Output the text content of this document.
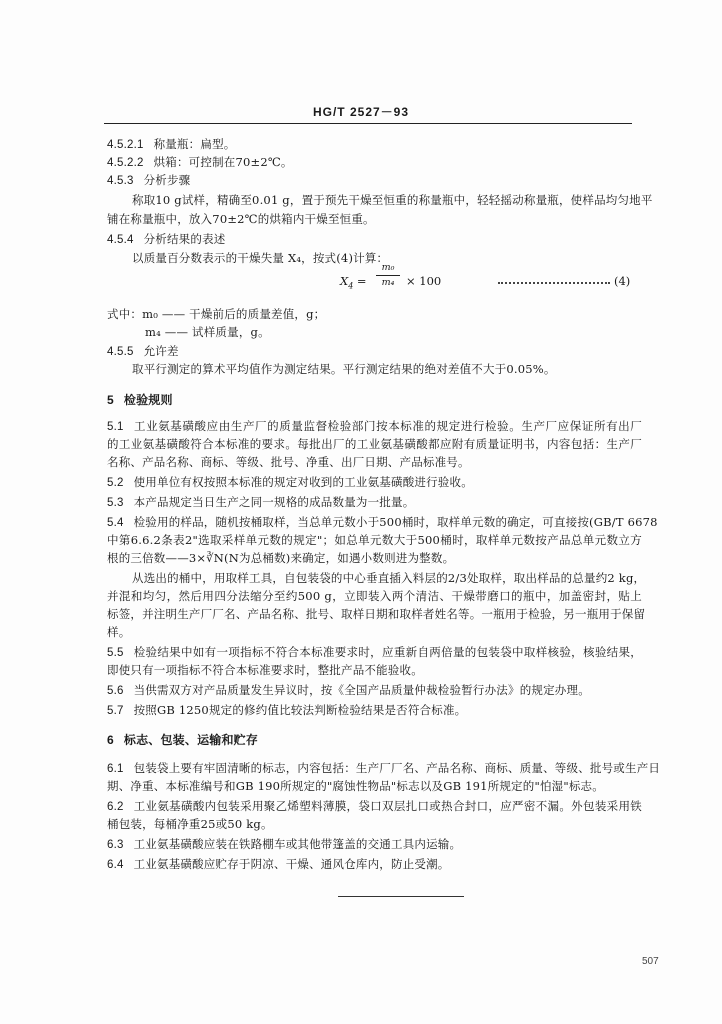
HG/T 2527－93
4.5.2.1 称量瓶：扁型。
4.5.2.2 烘箱：可控制在70±2℃。
4.5.3 分析步骤
称取10 g试样，精确至0.01 g，置于预先干燥至恒重的称量瓶中，轻轻摇动称量瓶，使样品均匀地平
铺在称量瓶中，放入70±2℃的烘箱内干燥至恒重。
4.5.4 分析结果的表述
以质量百分数表示的干燥失量 X₄，按式(4)计算：
$X_4$ =
m₀
m₄	× 100	(4)
式中：m₀ —— 干燥前后的质量差值，g；
m₄ —— 试样质量，g。
4.5.5 允许差
取平行测定的算术平均值作为测定结果。平行测定结果的绝对差值不大于0.05%。
5 检验规则
5.1 工业氨基磺酸应由生产厂的质量监督检验部门按本标准的规定进行检验。生产厂应保证所有出厂
的工业氨基磺酸符合本标准的要求。每批出厂的工业氨基磺酸都应附有质量证明书，内容包括：生产厂
名称、产品名称、商标、等级、批号、净重、出厂日期、产品标准号。
5.2 使用单位有权按照本标准的规定对收到的工业氨基磺酸进行验收。
5.3 本产品规定当日生产之同一规格的成品数量为一批量。
5.4 检验用的样品，随机按桶取样，当总单元数小于500桶时，取样单元数的确定，可直接按(GB/T 6678
中第6.6.2条表2"选取采样单元数的规定"；如总单元数大于500桶时，取样单元数按产品总单元数立方
根的三倍数——3×∛N(N为总桶数)来确定，如遇小数则进为整数。
从选出的桶中，用取样工具，自包装袋的中心垂直插入料层的2/3处取样，取出样品的总量约2 kg，
并混和均匀，然后用四分法缩分至约500 g，立即装入两个清洁、干燥带磨口的瓶中，加盖密封，贴上
标签，并注明生产厂厂名、产品名称、批号、取样日期和取样者姓名等。一瓶用于检验，另一瓶用于保留
样。
5.5 检验结果中如有一项指标不符合本标准要求时，应重新自两倍量的包装袋中取样核验，核验结果，
即使只有一项指标不符合本标准要求时，整批产品不能验收。
5.6 当供需双方对产品质量发生异议时，按《全国产品质量仲裁检验暂行办法》的规定办理。
5.7 按照GB 1250规定的修约值比较法判断检验结果是否符合标准。
6 标志、包装、运输和贮存
6.1 包装袋上要有牢固清晰的标志，内容包括：生产厂厂名、产品名称、商标、质量、等级、批号或生产日
期、净重、本标准编号和GB 190所规定的"腐蚀性物品"标志以及GB 191所规定的"怕湿"标志。
6.2 工业氨基磺酸内包装采用聚乙烯塑料薄膜，袋口双层扎口或热合封口，应严密不漏。外包装采用铁
桶包装，每桶净重25或50 kg。
6.3 工业氨基磺酸应装在铁路棚车或其他带篷盖的交通工具内运输。
6.4 工业氨基磺酸应贮存于阴凉、干燥、通风仓库内，防止受潮。
507
